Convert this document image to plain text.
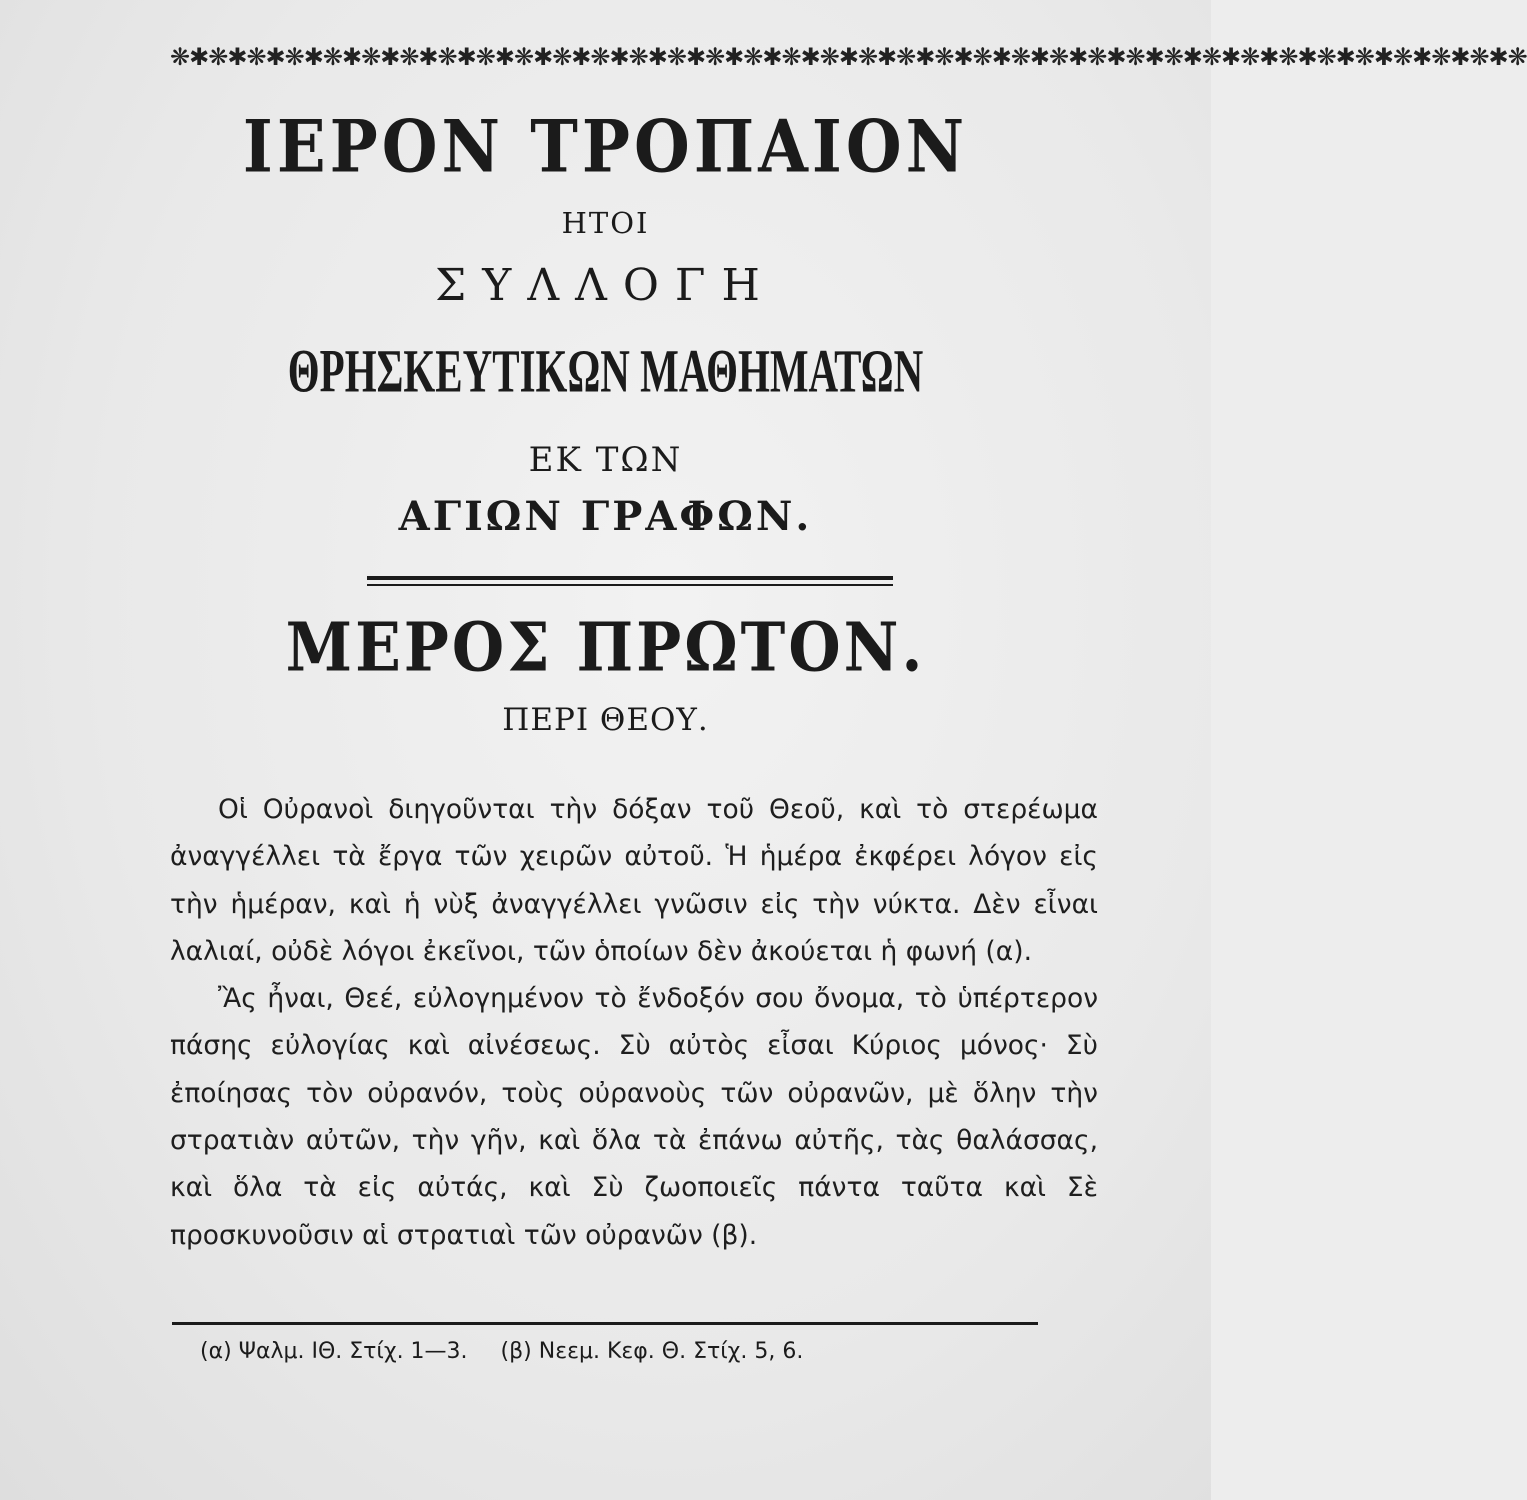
❋✱❋✱❋✱❋✱❋✱❋✱❋✱❋✱❋✱❋✱❋✱❋✱❋✱❋✱❋✱❋✱❋✱❋✱❋✱❋✱❋✱❋✱❋✱❋✱❋✱❋✱❋✱❋✱❋✱❋✱❋✱❋✱❋✱❋✱❋✱❋
ΙΕΡΟΝ ΤΡΟΠΑΙΟΝ
ΗΤΟΙ
ΣΥΛΛΟΓΗ
ΘΡΗΣΚΕΥΤΙΚΩΝ ΜΑΘΗΜΑΤΩΝ
ΕΚ ΤΩΝ
ΑΓΙΩΝ ΓΡΑΦΩΝ.
ΜΕΡΟΣ ΠΡΩΤΟΝ.
ΠΕΡΙ ΘΕΟΥ.

Οἱ Οὐρανοὶ διηγοῦνται τὴν δόξαν τοῦ Θεοῦ, καὶ τὸ στερέωμα ἀναγγέλλει τὰ ἔργα τῶν χειρῶν αὐτοῦ. Ἡ ἡμέρα ἐκφέρει λόγον εἰς τὴν ἡμέραν, καὶ ἡ νὺξ ἀναγγέλλει γνῶσιν εἰς τὴν νύκτα. Δὲν εἶναι λαλιαί, οὐδὲ λόγοι ἐκεῖνοι, τῶν ὁποίων δὲν ἀκούεται ἡ φωνή (α).

Ἂς ἦναι, Θεέ, εὐλογημένον τὸ ἔνδοξόν σου ὄνομα, τὸ ὑπέρτερον πάσης εὐλογίας καὶ αἰνέσεως. Σὺ αὐτὸς εἶσαι Κύριος μόνος· Σὺ ἐποίησας τὸν οὐρανόν, τοὺς οὐρανοὺς τῶν οὐρανῶν, μὲ ὅλην τὴν στρατιὰν αὐτῶν, τὴν γῆν, καὶ ὅλα τὰ ἐπάνω αὐτῆς, τὰς θαλάσσας, καὶ ὅλα τὰ εἰς αὐτάς, καὶ Σὺ ζωοποιεῖς πάντα ταῦτα καὶ Σὲ προσκυνοῦσιν αἱ στρατιαὶ τῶν οὐρανῶν (β).

(α) Ψαλμ. ΙΘ. Στίχ. 1—3. (β) Νεεμ. Κεφ. Θ. Στίχ. 5, 6.
